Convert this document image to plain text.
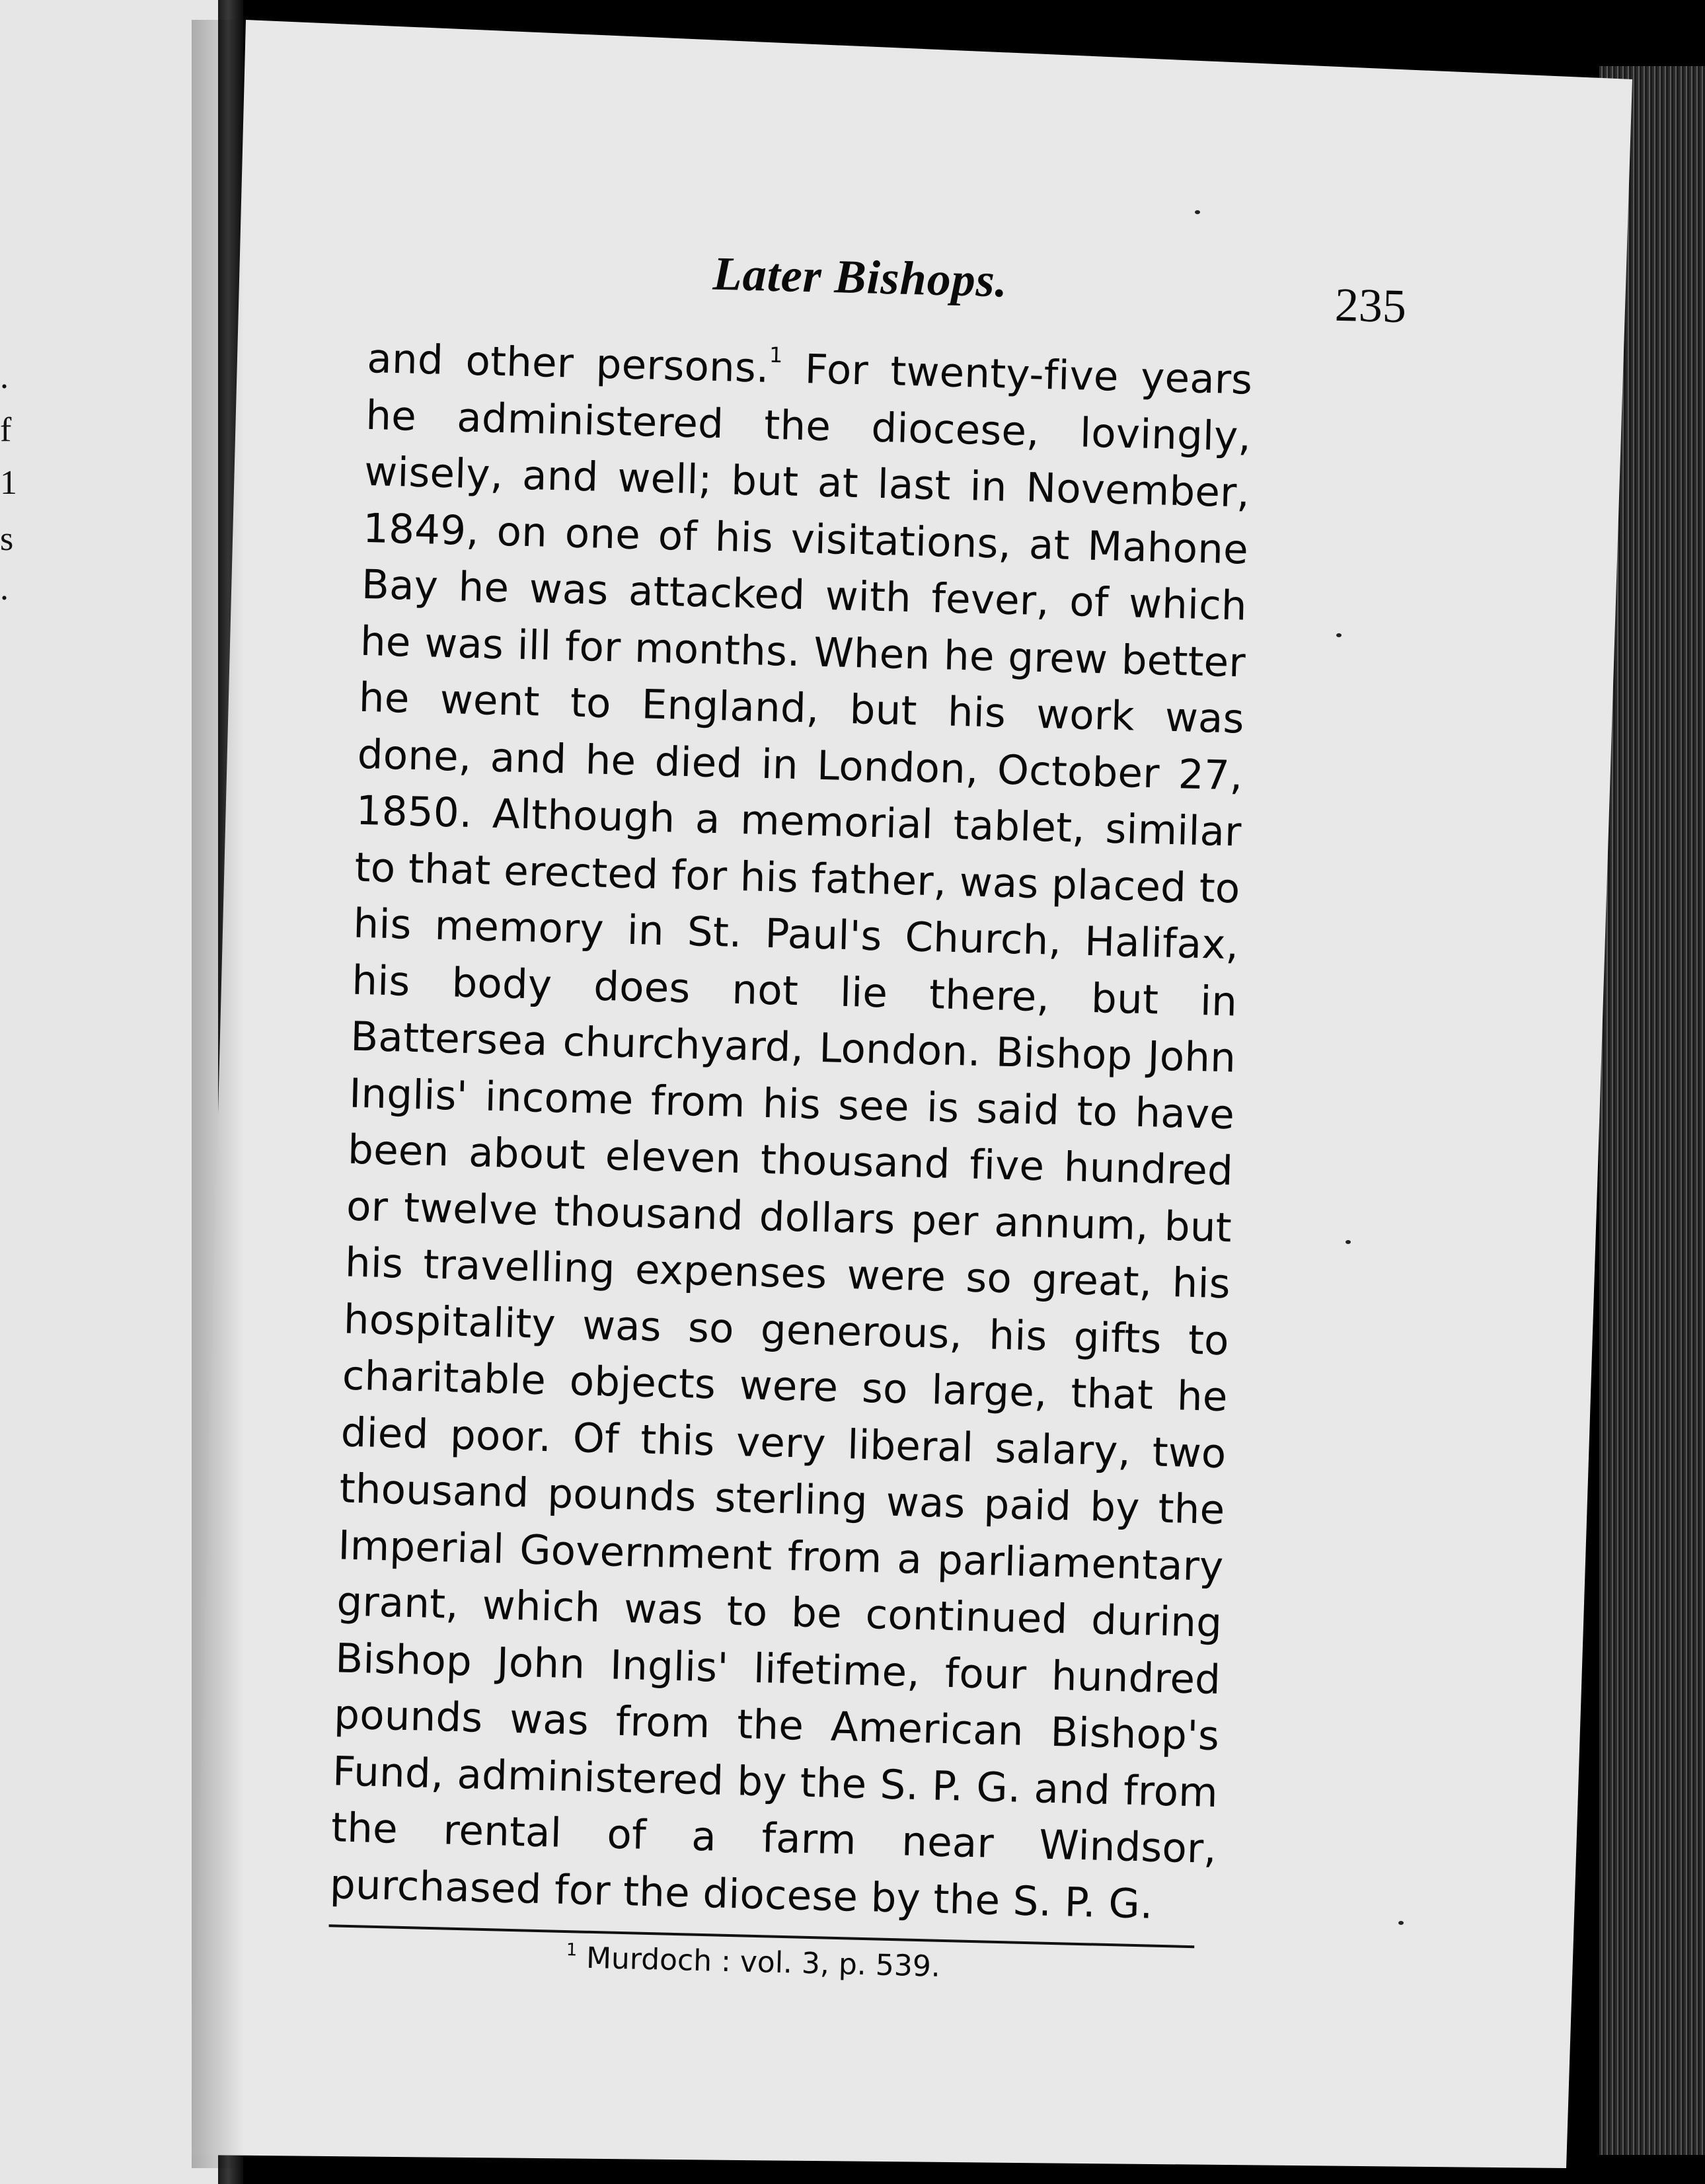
.
f
1
s
.
Later Bishops.	235

and other persons.$^1$ For twenty-five years he administered the diocese, lovingly, wisely, and well; but at last in November, 1849, on one of his visitations, at Mahone Bay he was attacked with fever, of which he was ill for months. When he grew better he went to England, but his work was done, and he died in London, October 27, 1850. Although a memorial tablet, similar to that erected for his father, was placed to his memory in St. Paul's Church, Halifax, his body does not lie there, but in Battersea churchyard, London. Bishop John Inglis' income from his see is said to have been about eleven thousand five hundred or twelve thousand dollars per annum, but his travelling expenses were so great, his hospitality was so generous, his gifts to charitable objects were so large, that he died poor. Of this very liberal salary, two thousand pounds sterling was paid by the Imperial Government from a parliamentary grant, which was to be continued during Bishop John Inglis' lifetime, four hundred pounds was from the American Bishop's Fund, administered by the S. P. G. and from the rental of a farm near Windsor, purchased for the diocese by the S. P. G.

$^1$ Murdoch : vol. 3, p. 539.
